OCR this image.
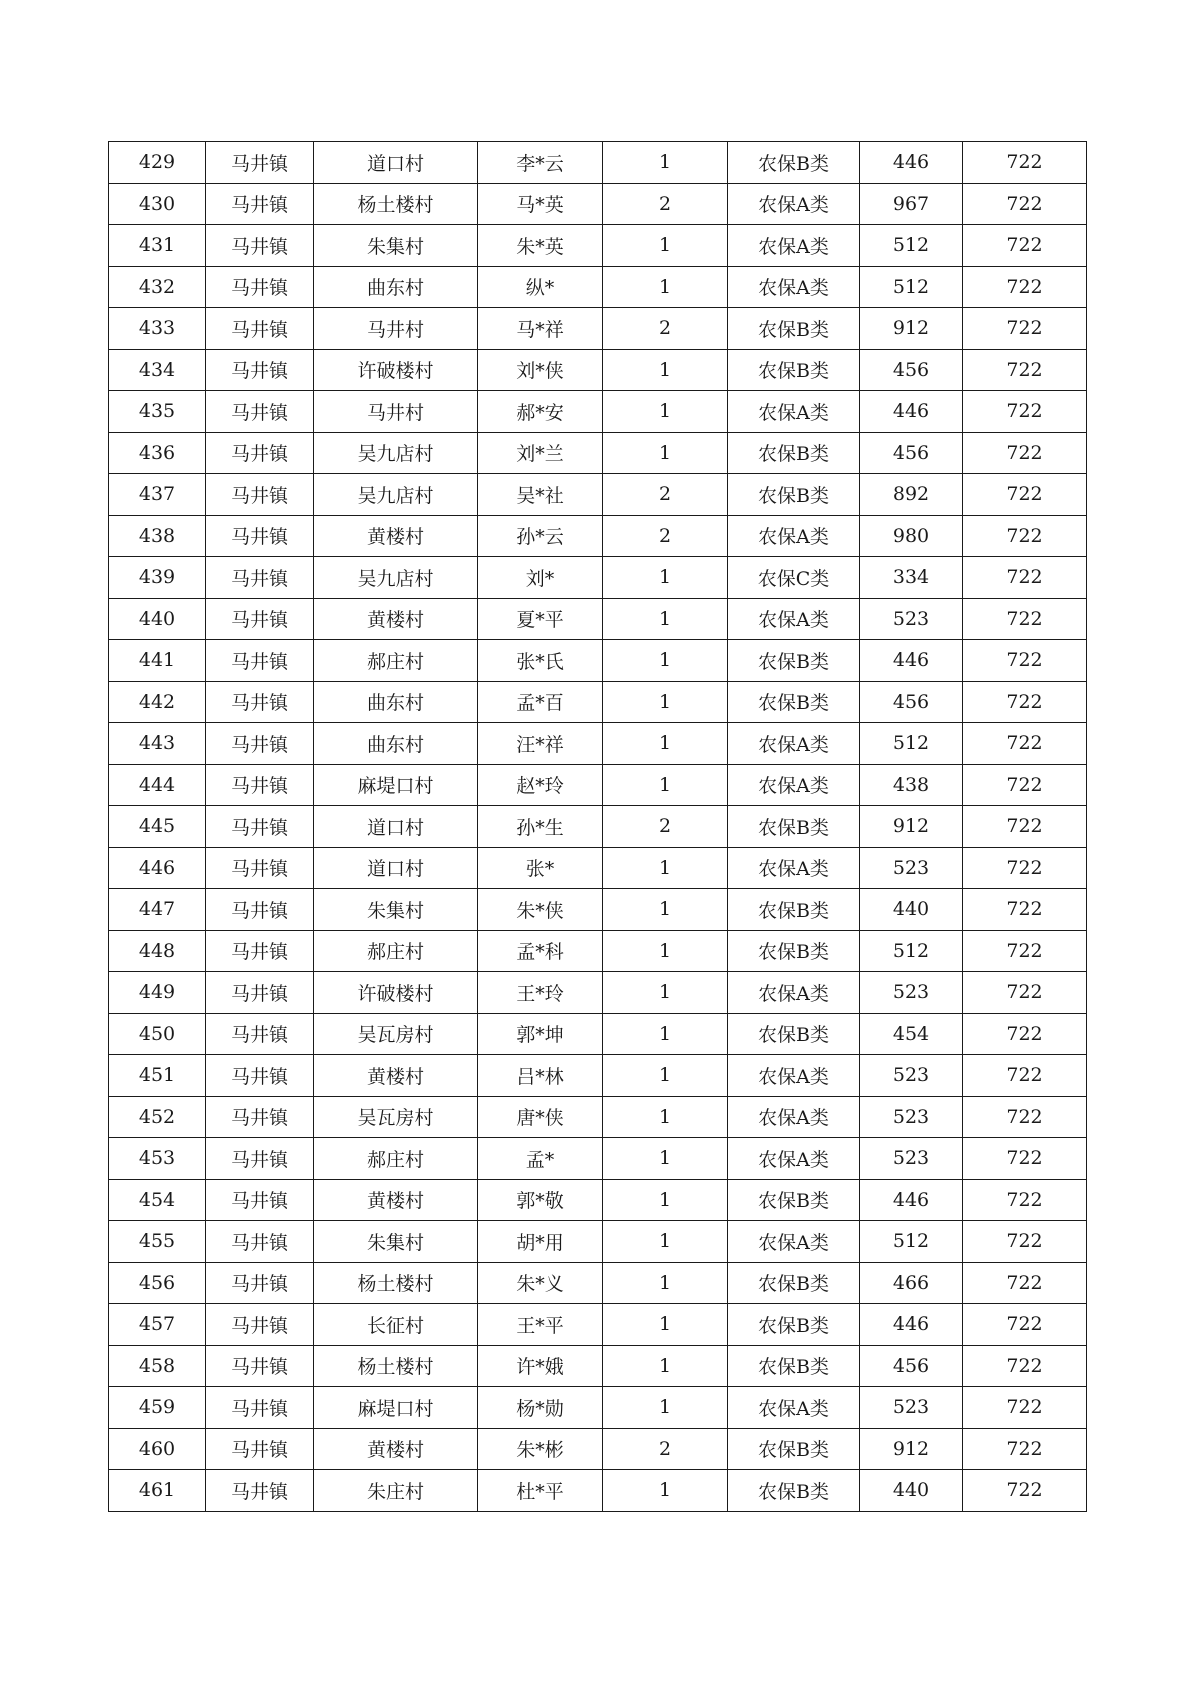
429	马井镇	道口村	李*云	1	农保B类	446	722
430	马井镇	杨土楼村	马*英	2	农保A类	967	722
431	马井镇	朱集村	朱*英	1	农保A类	512	722
432	马井镇	曲东村	纵*	1	农保A类	512	722
433	马井镇	马井村	马*祥	2	农保B类	912	722
434	马井镇	许破楼村	刘*侠	1	农保B类	456	722
435	马井镇	马井村	郝*安	1	农保A类	446	722
436	马井镇	吴九店村	刘*兰	1	农保B类	456	722
437	马井镇	吴九店村	吴*社	2	农保B类	892	722
438	马井镇	黄楼村	孙*云	2	农保A类	980	722
439	马井镇	吴九店村	刘*	1	农保C类	334	722
440	马井镇	黄楼村	夏*平	1	农保A类	523	722
441	马井镇	郝庄村	张*氏	1	农保B类	446	722
442	马井镇	曲东村	孟*百	1	农保B类	456	722
443	马井镇	曲东村	汪*祥	1	农保A类	512	722
444	马井镇	麻堤口村	赵*玲	1	农保A类	438	722
445	马井镇	道口村	孙*生	2	农保B类	912	722
446	马井镇	道口村	张*	1	农保A类	523	722
447	马井镇	朱集村	朱*侠	1	农保B类	440	722
448	马井镇	郝庄村	孟*科	1	农保B类	512	722
449	马井镇	许破楼村	王*玲	1	农保A类	523	722
450	马井镇	吴瓦房村	郭*坤	1	农保B类	454	722
451	马井镇	黄楼村	吕*林	1	农保A类	523	722
452	马井镇	吴瓦房村	唐*侠	1	农保A类	523	722
453	马井镇	郝庄村	孟*	1	农保A类	523	722
454	马井镇	黄楼村	郭*敬	1	农保B类	446	722
455	马井镇	朱集村	胡*用	1	农保A类	512	722
456	马井镇	杨土楼村	朱*义	1	农保B类	466	722
457	马井镇	长征村	王*平	1	农保B类	446	722
458	马井镇	杨土楼村	许*娥	1	农保B类	456	722
459	马井镇	麻堤口村	杨*勋	1	农保A类	523	722
460	马井镇	黄楼村	朱*彬	2	农保B类	912	722
461	马井镇	朱庄村	杜*平	1	农保B类	440	722
